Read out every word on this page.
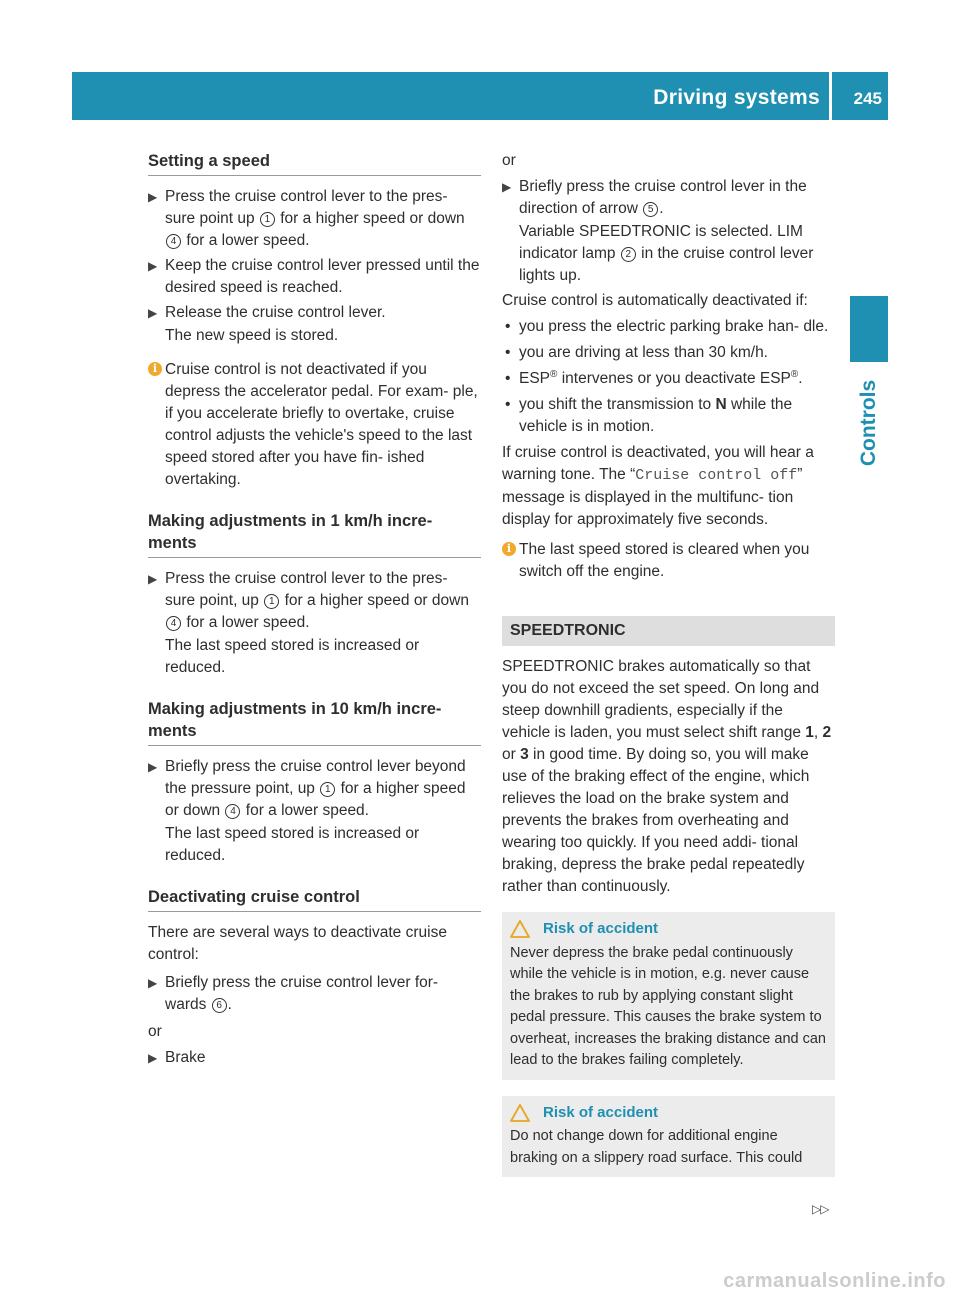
Driving systems 245
Controls
Setting a speed
▶ Press the cruise control lever to the pres- sure point up 1 for a higher speed or down 4 for a lower speed.
▶ Keep the cruise control lever pressed until the desired speed is reached.
▶ Release the cruise control lever.
The new speed is stored.
i Cruise control is not deactivated if you depress the accelerator pedal. For exam- ple, if you accelerate briefly to overtake, cruise control adjusts the vehicle's speed to the last speed stored after you have fin- ished overtaking.
Making adjustments in 1 km/h incre- ments
▶ Press the cruise control lever to the pres- sure point, up 1 for a higher speed or down 4 for a lower speed.
The last speed stored is increased or reduced.
Making adjustments in 10 km/h incre- ments
▶ Briefly press the cruise control lever beyond the pressure point, up 1 for a higher speed or down 4 for a lower speed.
The last speed stored is increased or reduced.
Deactivating cruise control

There are several ways to deactivate cruise control:

▶ Briefly press the cruise control lever for- wards 6 .

or

▶ Brake

or

▶ Briefly press the cruise control lever in the direction of arrow 5 .
Variable SPEEDTRONIC is selected. LIM indicator lamp 2 in the cruise control lever lights up.

Cruise control is automatically deactivated if:

• you press the electric parking brake han- dle.
• you are driving at less than 30 km/h.
• ESP® intervenes or you deactivate ESP®.
• you shift the transmission to N while the vehicle is in motion.

If cruise control is deactivated, you will hear a warning tone. The “Cruise control off” message is displayed in the multifunc- tion display for approximately five seconds.

i The last speed stored is cleared when you switch off the engine.
SPEEDTRONIC

SPEEDTRONIC brakes automatically so that you do not exceed the set speed. On long and steep downhill gradients, especially if the vehicle is laden, you must select shift range 1, 2 or 3 in good time. By doing so, you will make use of the braking effect of the engine, which relieves the load on the brake system and prevents the brakes from overheating and wearing too quickly. If you need addi- tional braking, depress the brake pedal repeatedly rather than continuously.

Risk of accident
Never depress the brake pedal continuously while the vehicle is in motion, e.g. never cause the brakes to rub by applying constant slight pedal pressure. This causes the brake system to overheat, increases the braking distance and can lead to the brakes failing completely.
Risk of accident
Do not change down for additional engine braking on a slippery road surface. This could
▷▷
carmanualsonline.info
